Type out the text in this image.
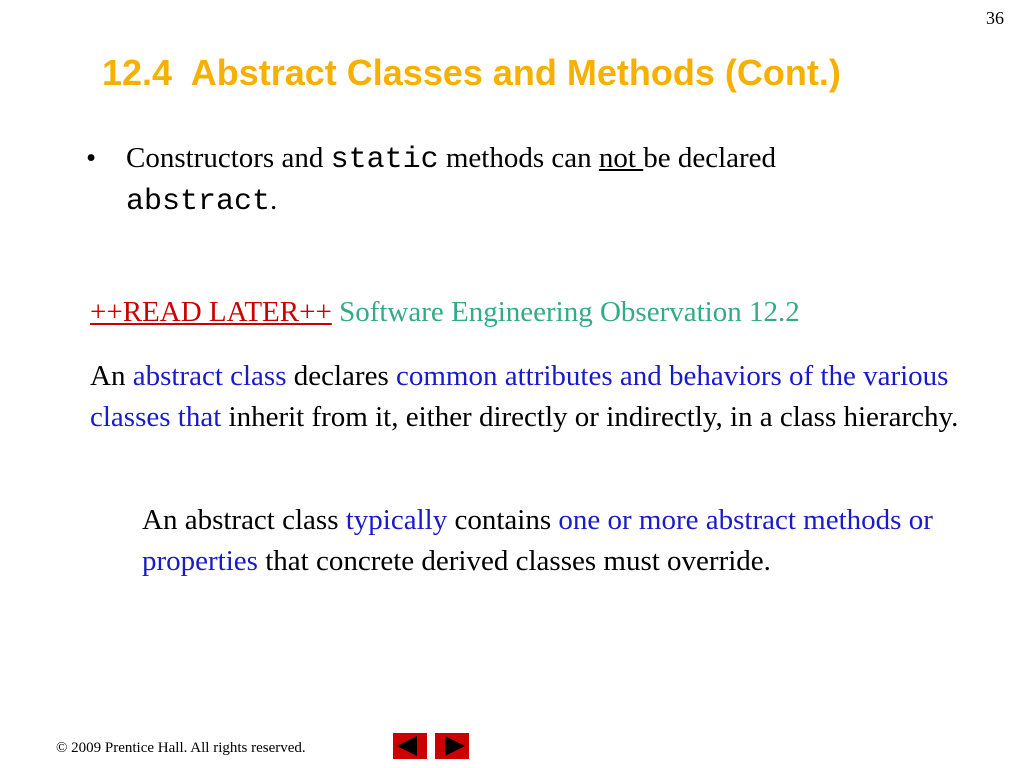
36
12.4  Abstract Classes and Methods (Cont.)
• Constructors and static methods can not be declared abstract.
++READ LATER++ Software Engineering Observation 12.2
An abstract class declares common attributes and behaviors of the various classes that inherit from it, either directly or indirectly, in a class hierarchy.
An abstract class typically contains one or more abstract methods or properties that concrete derived classes must override.
© 2009 Prentice Hall. All rights reserved.
